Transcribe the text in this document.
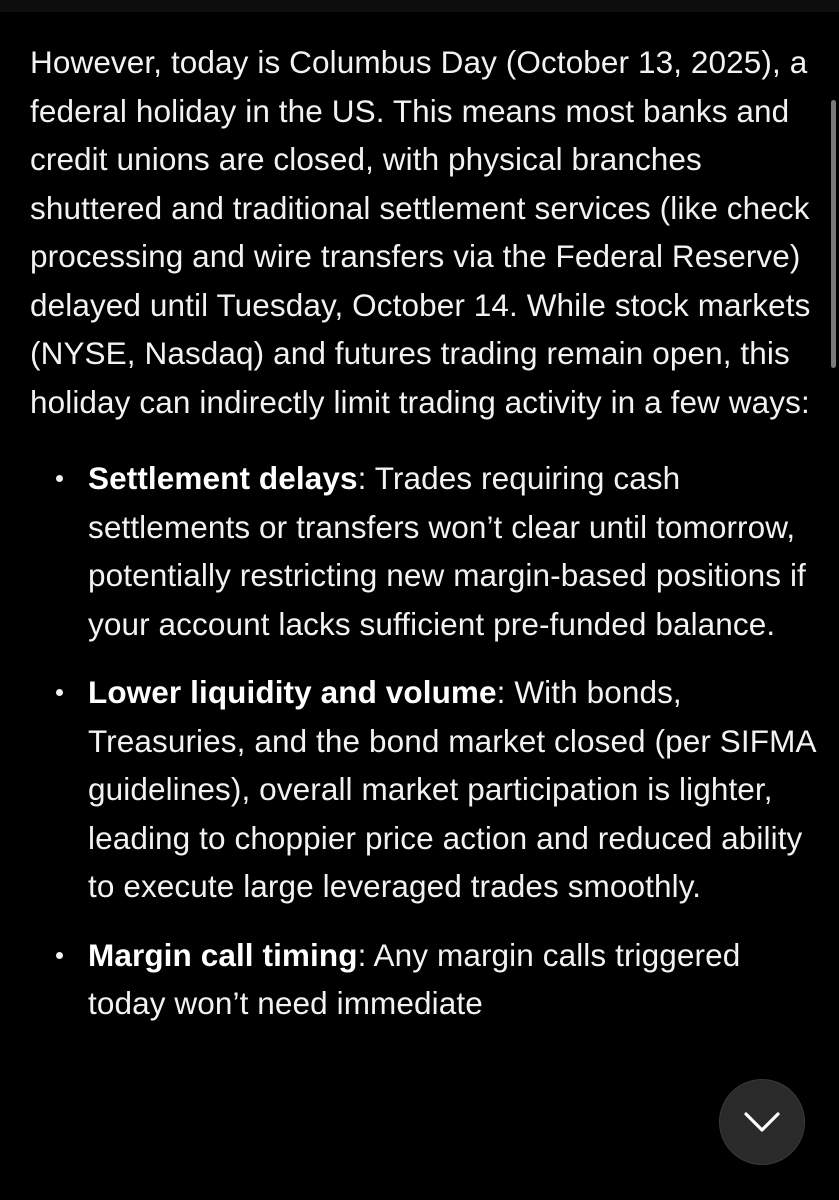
However, today is Columbus Day (October 13, 2025), a federal holiday in the US. This means most banks and credit unions are closed, with physical branches shuttered and traditional settlement services (like check processing and wire transfers via the Federal Reserve) delayed until Tuesday, October 14. While stock markets (NYSE, Nasdaq) and futures trading remain open, this holiday can indirectly limit trading activity in a few ways:

Settlement delays: Trades requiring cash settlements or transfers won’t clear until tomorrow, potentially restricting new margin-based positions if your account lacks sufficient pre-funded balance.
Lower liquidity and volume: With bonds, Treasuries, and the bond market closed (per SIFMA guidelines), overall market participation is lighter, leading to choppier price action and reduced ability to execute large leveraged trades smoothly.
Margin call timing: Any margin calls triggered today won’t need immediate
